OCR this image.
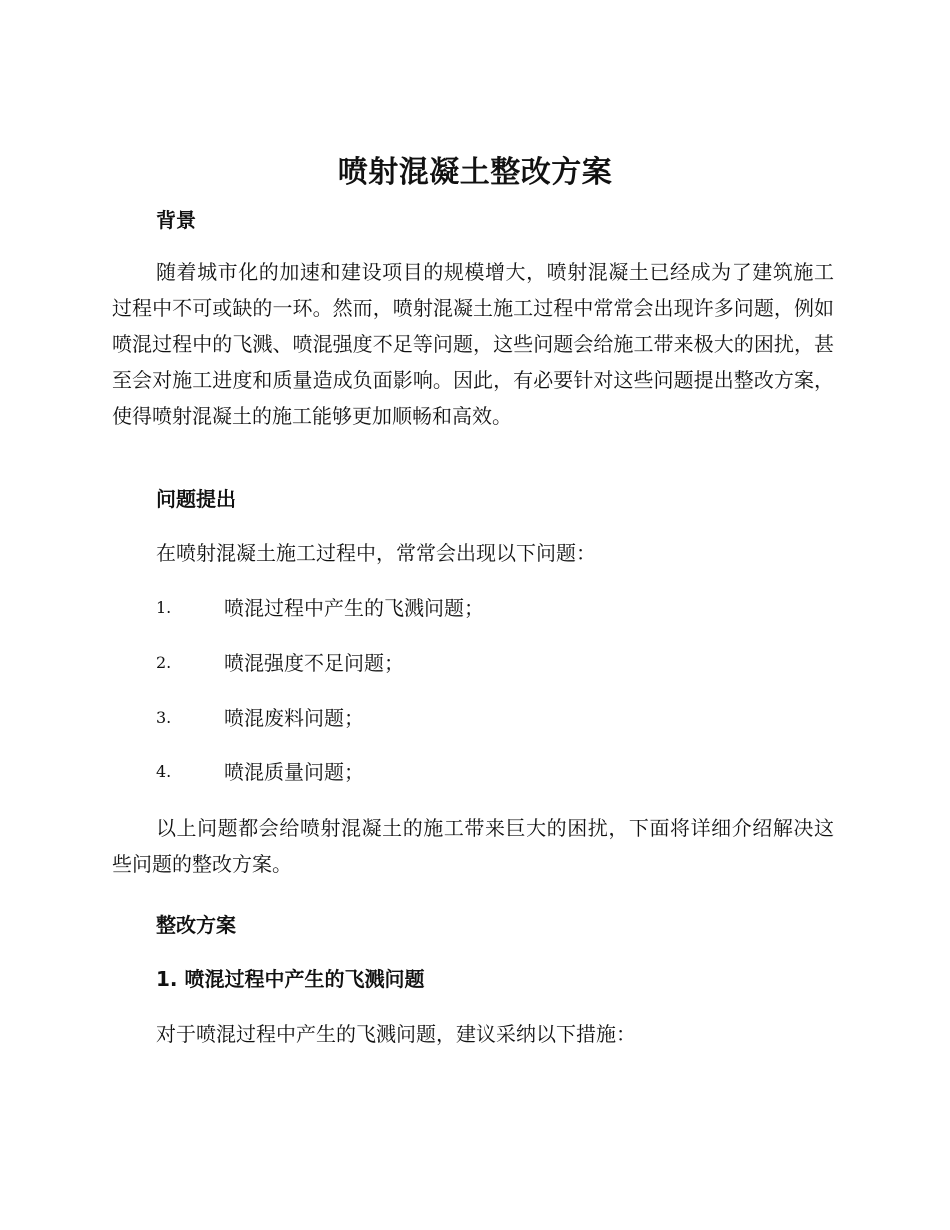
喷射混凝土整改方案
背景
随着城市化的加速和建设项目的规模增大，喷射混凝土已经成为了建筑施工过程中不可或缺的一环。然而，喷射混凝土施工过程中常常会出现许多问题，例如喷混过程中的飞溅、喷混强度不足等问题，这些问题会给施工带来极大的困扰，甚至会对施工进度和质量造成负面影响。因此，有必要针对这些问题提出整改方案，使得喷射混凝土的施工能够更加顺畅和高效。
问题提出
在喷射混凝土施工过程中，常常会出现以下问题：
1.	喷混过程中产生的飞溅问题；
2.	喷混强度不足问题；
3.	喷混废料问题；
4.	喷混质量问题；
以上问题都会给喷射混凝土的施工带来巨大的困扰，下面将详细介绍解决这些问题的整改方案。
整改方案
1. 喷混过程中产生的飞溅问题
对于喷混过程中产生的飞溅问题，建议采纳以下措施：
